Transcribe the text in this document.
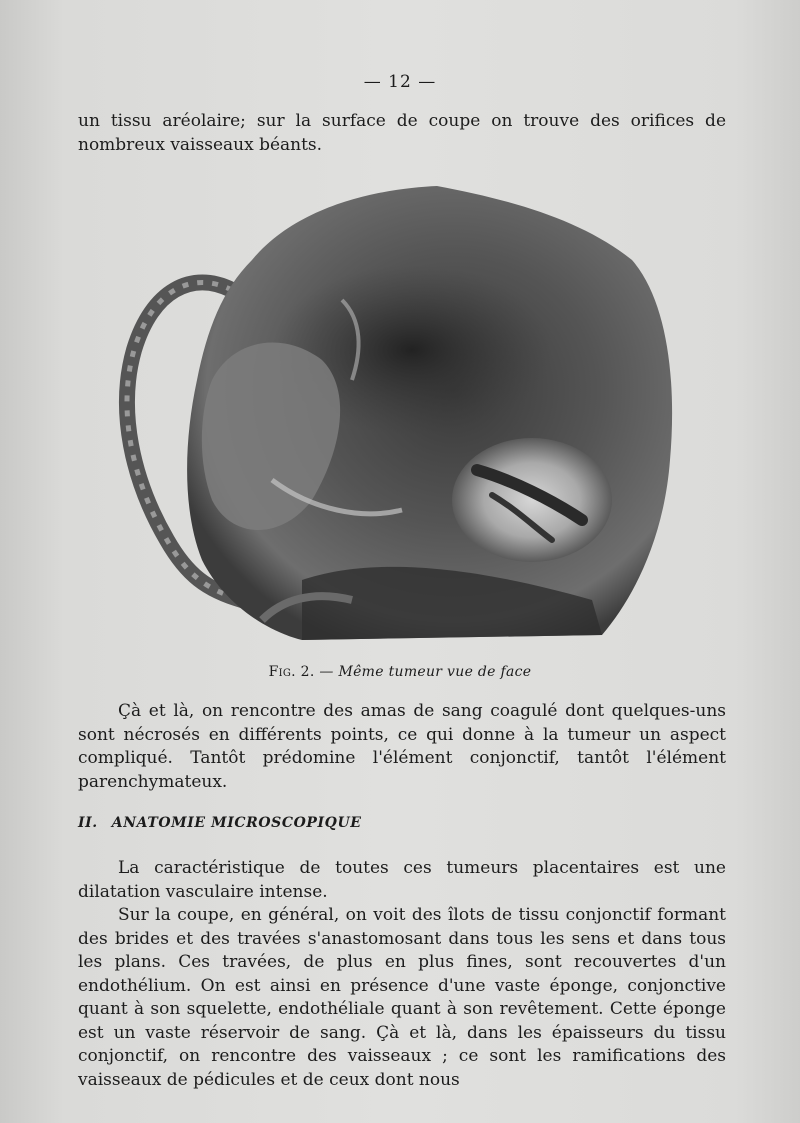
— 12 —

un tissu aréolaire; sur la surface de coupe on trouve des orifices de nombreux vaisseaux béants.

Fig. 2. — Même tumeur vue de face

Çà et là, on rencontre des amas de sang coagulé dont quelques-uns sont nécrosés en différents points, ce qui donne à la tumeur un aspect compliqué. Tantôt prédomine l'élément conjonctif, tantôt l'élément parenchymateux.

II. ANATOMIE MICROSCOPIQUE

La caractéristique de toutes ces tumeurs placentaires est une dilatation vasculaire intense.

Sur la coupe, en général, on voit des îlots de tissu conjonctif formant des brides et des travées s'anastomosant dans tous les sens et dans tous les plans. Ces travées, de plus en plus fines, sont recouvertes d'un endothélium. On est ainsi en présence d'une vaste éponge, conjonctive quant à son squelette, endothéliale quant à son revêtement. Cette éponge est un vaste réservoir de sang. Çà et là, dans les épaisseurs du tissu conjonctif, on rencontre des vaisseaux ; ce sont les ramifications des vaisseaux de pédicules et de ceux dont nous
